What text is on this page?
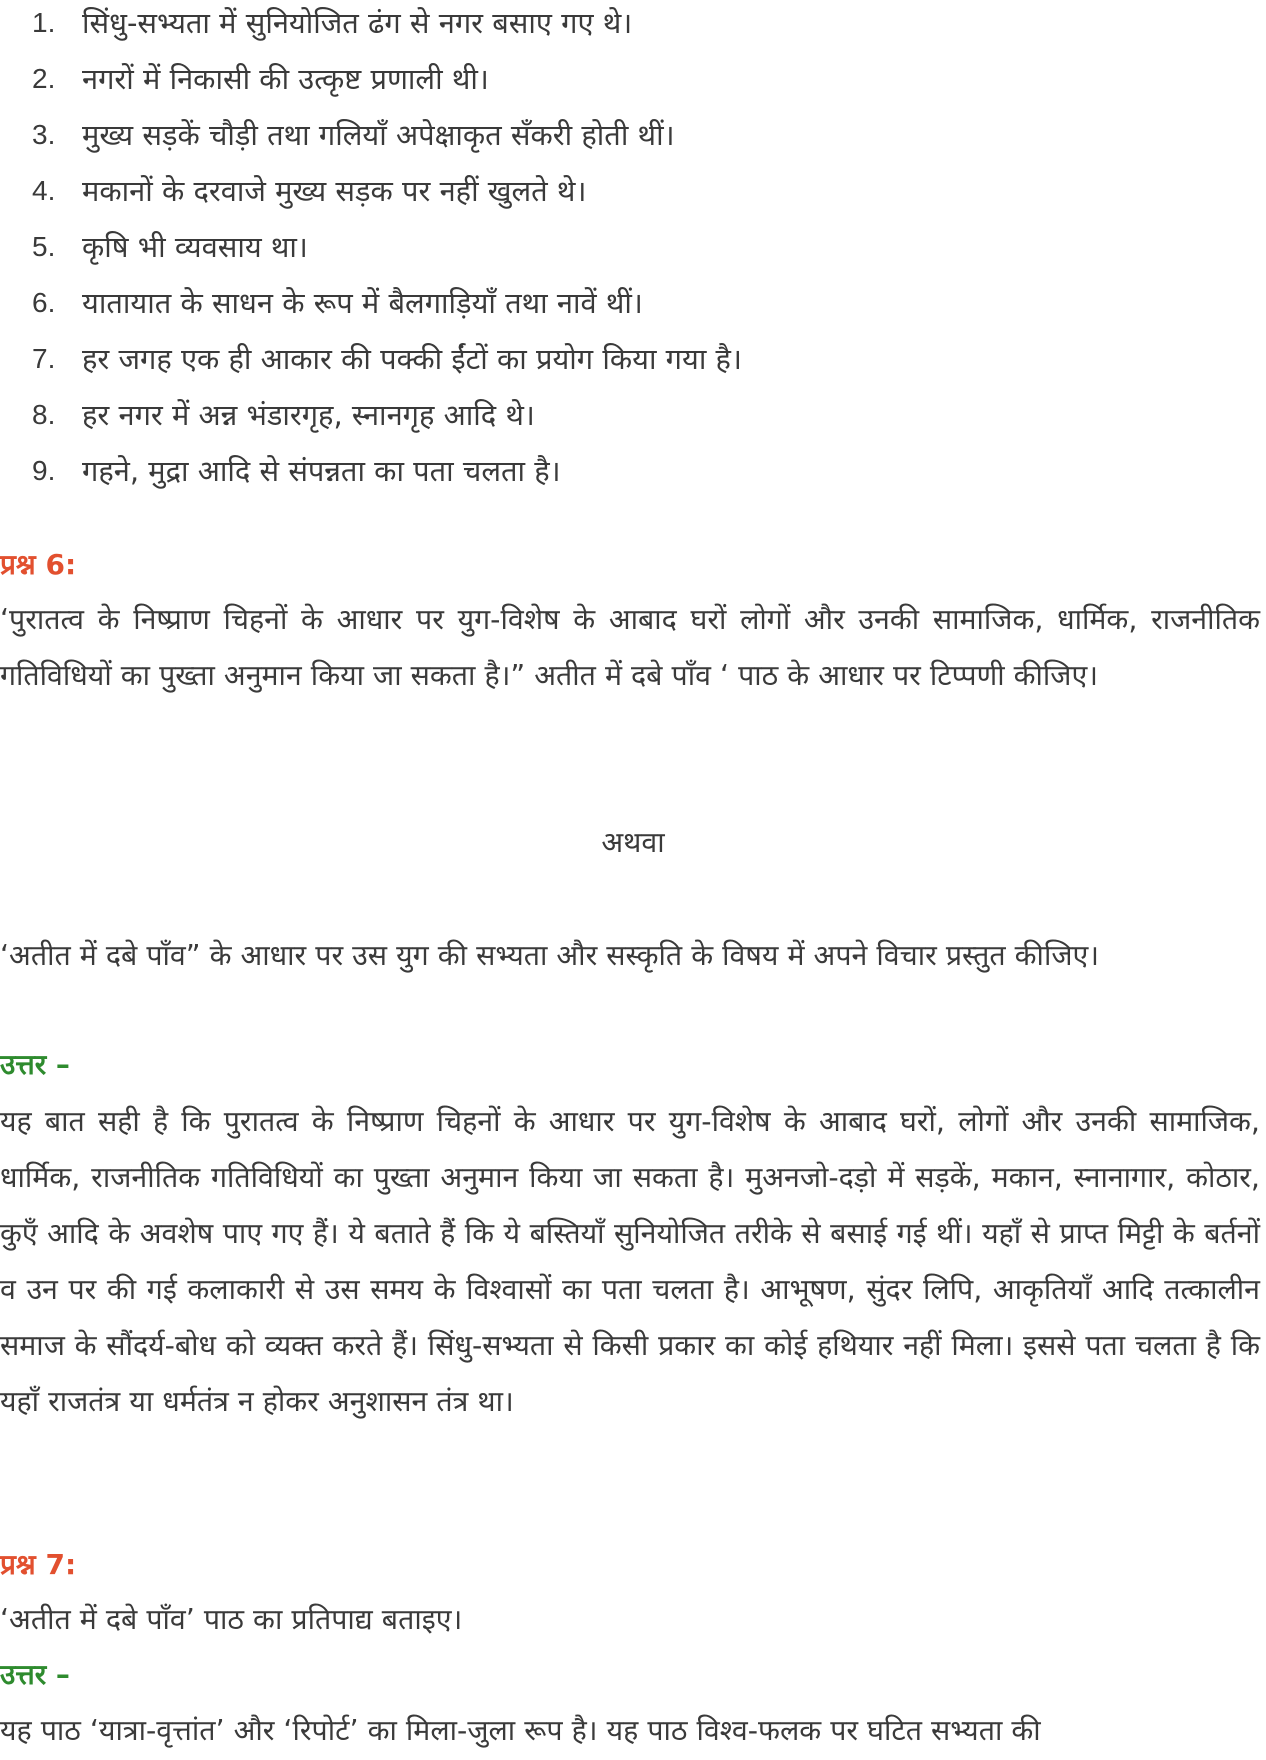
1. सिंधु-सभ्यता में सुनियोजित ढंग से नगर बसाए गए थे।
2. नगरों में निकासी की उत्कृष्ट प्रणाली थी।
3. मुख्य सड़कें चौड़ी तथा गलियाँ अपेक्षाकृत सँकरी होती थीं।
4. मकानों के दरवाजे मुख्य सड़क पर नहीं खुलते थे।
5. कृषि भी व्यवसाय था।
6. यातायात के साधन के रूप में बैलगाड़ियाँ तथा नावें थीं।
7. हर जगह एक ही आकार की पक्की ईंटों का प्रयोग किया गया है।
8. हर नगर में अन्न भंडारगृह, स्नानगृह आदि थे।
9. गहने, मुद्रा आदि से संपन्नता का पता चलता है।
प्रश्न 6:

‘पुरातत्व के निष्प्राण चिहनों के आधार पर युग-विशेष के आबाद घरों लोगों और उनकी सामाजिक, धार्मिक, राजनीतिक गतिविधियों का पुख्ता अनुमान किया जा सकता है।” अतीत में दबे पाँव ‘ पाठ के आधार पर टिप्पणी कीजिए।

अथवा

‘अतीत में दबे पाँव” के आधार पर उस युग की सभ्यता और सस्कृति के विषय में अपने विचार प्रस्तुत कीजिए।

उत्तर –

यह बात सही है कि पुरातत्व के निष्प्राण चिहनों के आधार पर युग-विशेष के आबाद घरों, लोगों और उनकी सामाजिक, धार्मिक, राजनीतिक गतिविधियों का पुख्ता अनुमान किया जा सकता है। मुअनजो-दड़ो में सड़कें, मकान, स्नानागार, कोठार, कुएँ आदि के अवशेष पाए गए हैं। ये बताते हैं कि ये बस्तियाँ सुनियोजित तरीके से बसाई गई थीं। यहाँ से प्राप्त मिट्टी के बर्तनों व उन पर की गई कलाकारी से उस समय के विश्वासों का पता चलता है। आभूषण, सुंदर लिपि, आकृतियाँ आदि तत्कालीन समाज के सौंदर्य-बोध को व्यक्त करते हैं। सिंधु-सभ्यता से किसी प्रकार का कोई हथियार नहीं मिला। इससे पता चलता है कि यहाँ राजतंत्र या धर्मतंत्र न होकर अनुशासन तंत्र था।

प्रश्न 7:

‘अतीत में दबे पाँव’ पाठ का प्रतिपाद्य बताइए।

उत्तर –

यह पाठ ‘यात्रा-वृत्तांत’ और ‘रिपोर्ट’ का मिला-जुला रूप है। यह पाठ विश्व-फलक पर घटित सभ्यता की
